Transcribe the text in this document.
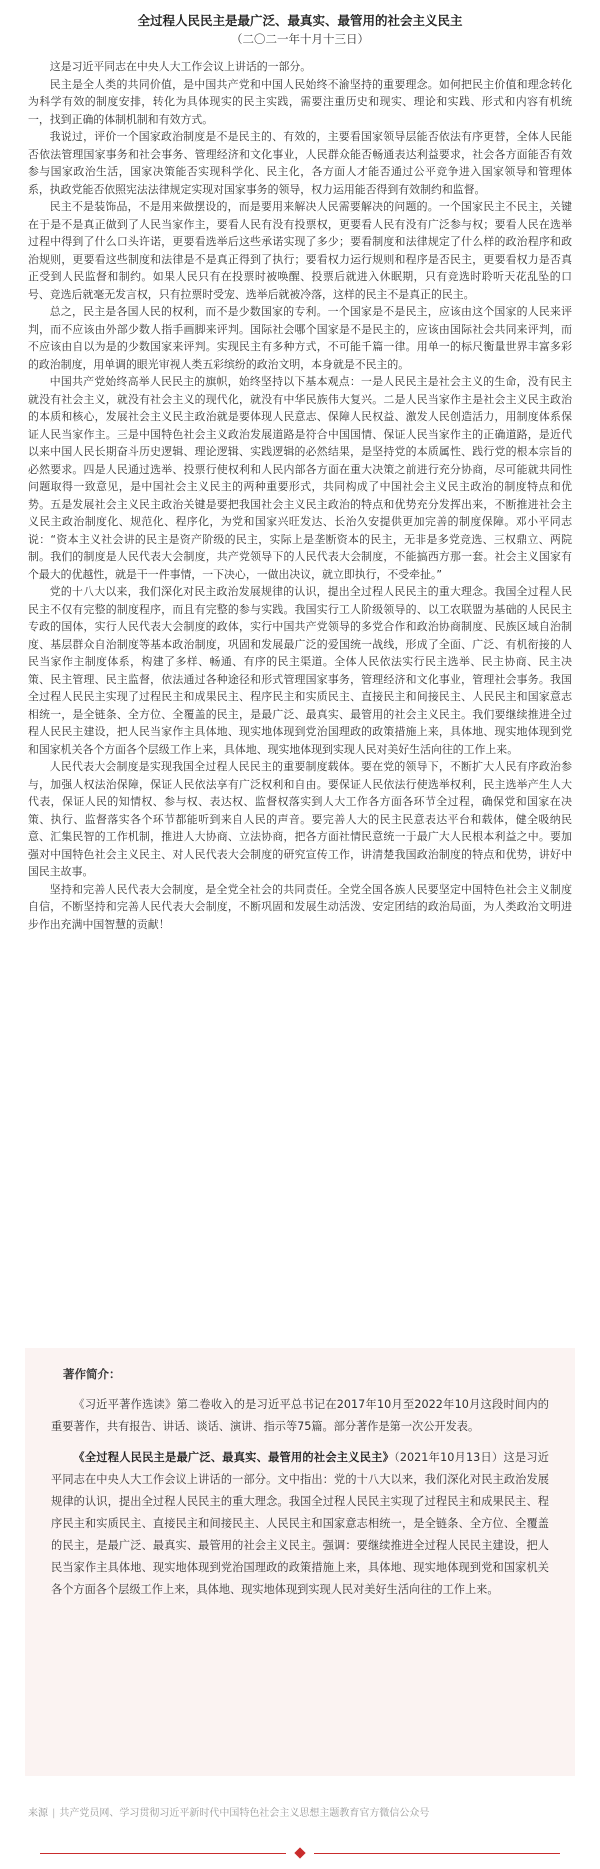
全过程人民民主是最广泛、最真实、最管用的社会主义民主
（二〇二一年十月十三日）

这是习近平同志在中央人大工作会议上讲话的一部分。

民主是全人类的共同价值，是中国共产党和中国人民始终不渝坚持的重要理念。如何把民主价值和理念转化为科学有效的制度安排，转化为具体现实的民主实践，需要注重历史和现实、理论和实践、形式和内容有机统一，找到正确的体制机制和有效方式。

我说过，评价一个国家政治制度是不是民主的、有效的，主要看国家领导层能否依法有序更替，全体人民能否依法管理国家事务和社会事务、管理经济和文化事业，人民群众能否畅通表达利益要求，社会各方面能否有效参与国家政治生活，国家决策能否实现科学化、民主化，各方面人才能否通过公平竞争进入国家领导和管理体系，执政党能否依照宪法法律规定实现对国家事务的领导，权力运用能否得到有效制约和监督。

民主不是装饰品，不是用来做摆设的，而是要用来解决人民需要解决的问题的。一个国家民主不民主，关键在于是不是真正做到了人民当家作主，要看人民有没有投票权，更要看人民有没有广泛参与权；要看人民在选举过程中得到了什么口头许诺，更要看选举后这些承诺实现了多少；要看制度和法律规定了什么样的政治程序和政治规则，更要看这些制度和法律是不是真正得到了执行；要看权力运行规则和程序是否民主，更要看权力是否真正受到人民监督和制约。如果人民只有在投票时被唤醒、投票后就进入休眠期，只有竞选时聆听天花乱坠的口号、竞选后就毫无发言权，只有拉票时受宠、选举后就被冷落，这样的民主不是真正的民主。

总之，民主是各国人民的权利，而不是少数国家的专利。一个国家是不是民主，应该由这个国家的人民来评判，而不应该由外部少数人指手画脚来评判。国际社会哪个国家是不是民主的，应该由国际社会共同来评判，而不应该由自以为是的少数国家来评判。实现民主有多种方式，不可能千篇一律。用单一的标尺衡量世界丰富多彩的政治制度，用单调的眼光审视人类五彩缤纷的政治文明，本身就是不民主的。

中国共产党始终高举人民民主的旗帜，始终坚持以下基本观点：一是人民民主是社会主义的生命，没有民主就没有社会主义，就没有社会主义的现代化，就没有中华民族伟大复兴。二是人民当家作主是社会主义民主政治的本质和核心，发展社会主义民主政治就是要体现人民意志、保障人民权益、激发人民创造活力，用制度体系保证人民当家作主。三是中国特色社会主义政治发展道路是符合中国国情、保证人民当家作主的正确道路，是近代以来中国人民长期奋斗历史逻辑、理论逻辑、实践逻辑的必然结果，是坚持党的本质属性、践行党的根本宗旨的必然要求。四是人民通过选举、投票行使权利和人民内部各方面在重大决策之前进行充分协商，尽可能就共同性问题取得一致意见，是中国社会主义民主的两种重要形式，共同构成了中国社会主义民主政治的制度特点和优势。五是发展社会主义民主政治关键是要把我国社会主义民主政治的特点和优势充分发挥出来，不断推进社会主义民主政治制度化、规范化、程序化，为党和国家兴旺发达、长治久安提供更加完善的制度保障。邓小平同志说：“资本主义社会讲的民主是资产阶级的民主，实际上是垄断资本的民主，无非是多党竞选、三权鼎立、两院制。我们的制度是人民代表大会制度，共产党领导下的人民代表大会制度，不能搞西方那一套。社会主义国家有个最大的优越性，就是干一件事情，一下决心，一做出决议，就立即执行，不受牵扯。”

党的十八大以来，我们深化对民主政治发展规律的认识，提出全过程人民民主的重大理念。我国全过程人民民主不仅有完整的制度程序，而且有完整的参与实践。我国实行工人阶级领导的、以工农联盟为基础的人民民主专政的国体，实行人民代表大会制度的政体，实行中国共产党领导的多党合作和政治协商制度、民族区域自治制度、基层群众自治制度等基本政治制度，巩固和发展最广泛的爱国统一战线，形成了全面、广泛、有机衔接的人民当家作主制度体系，构建了多样、畅通、有序的民主渠道。全体人民依法实行民主选举、民主协商、民主决策、民主管理、民主监督，依法通过各种途径和形式管理国家事务，管理经济和文化事业，管理社会事务。我国全过程人民民主实现了过程民主和成果民主、程序民主和实质民主、直接民主和间接民主、人民民主和国家意志相统一，是全链条、全方位、全覆盖的民主，是最广泛、最真实、最管用的社会主义民主。我们要继续推进全过程人民民主建设，把人民当家作主具体地、现实地体现到党治国理政的政策措施上来，具体地、现实地体现到党和国家机关各个方面各个层级工作上来，具体地、现实地体现到实现人民对美好生活向往的工作上来。

人民代表大会制度是实现我国全过程人民民主的重要制度载体。要在党的领导下，不断扩大人民有序政治参与，加强人权法治保障，保证人民依法享有广泛权利和自由。要保证人民依法行使选举权利，民主选举产生人大代表，保证人民的知情权、参与权、表达权、监督权落实到人大工作各方面各环节全过程，确保党和国家在决策、执行、监督落实各个环节都能听到来自人民的声音。要完善人大的民主民意表达平台和载体，健全吸纳民意、汇集民智的工作机制，推进人大协商、立法协商，把各方面社情民意统一于最广大人民根本利益之中。要加强对中国特色社会主义民主、对人民代表大会制度的研究宣传工作，讲清楚我国政治制度的特点和优势，讲好中国民主故事。

坚持和完善人民代表大会制度，是全党全社会的共同责任。全党全国各族人民要坚定中国特色社会主义制度自信，不断坚持和完善人民代表大会制度，不断巩固和发展生动活泼、安定团结的政治局面，为人类政治文明进步作出充满中国智慧的贡献！

著作简介：

《习近平著作选读》第二卷收入的是习近平总书记在2017年10月至2022年10月这段时间内的重要著作，共有报告、讲话、谈话、演讲、指示等75篇。部分著作是第一次公开发表。

《全过程人民民主是最广泛、最真实、最管用的社会主义民主》（2021年10月13日）这是习近平同志在中央人大工作会议上讲话的一部分。文中指出：党的十八大以来，我们深化对民主政治发展规律的认识，提出全过程人民民主的重大理念。我国全过程人民民主实现了过程民主和成果民主、程序民主和实质民主、直接民主和间接民主、人民民主和国家意志相统一，是全链条、全方位、全覆盖的民主，是最广泛、最真实、最管用的社会主义民主。强调：要继续推进全过程人民民主建设，把人民当家作主具体地、现实地体现到党治国理政的政策措施上来，具体地、现实地体现到党和国家机关各个方面各个层级工作上来，具体地、现实地体现到实现人民对美好生活向往的工作上来。

来源 | 共产党员网、学习贯彻习近平新时代中国特色社会主义思想主题教育官方微信公众号
